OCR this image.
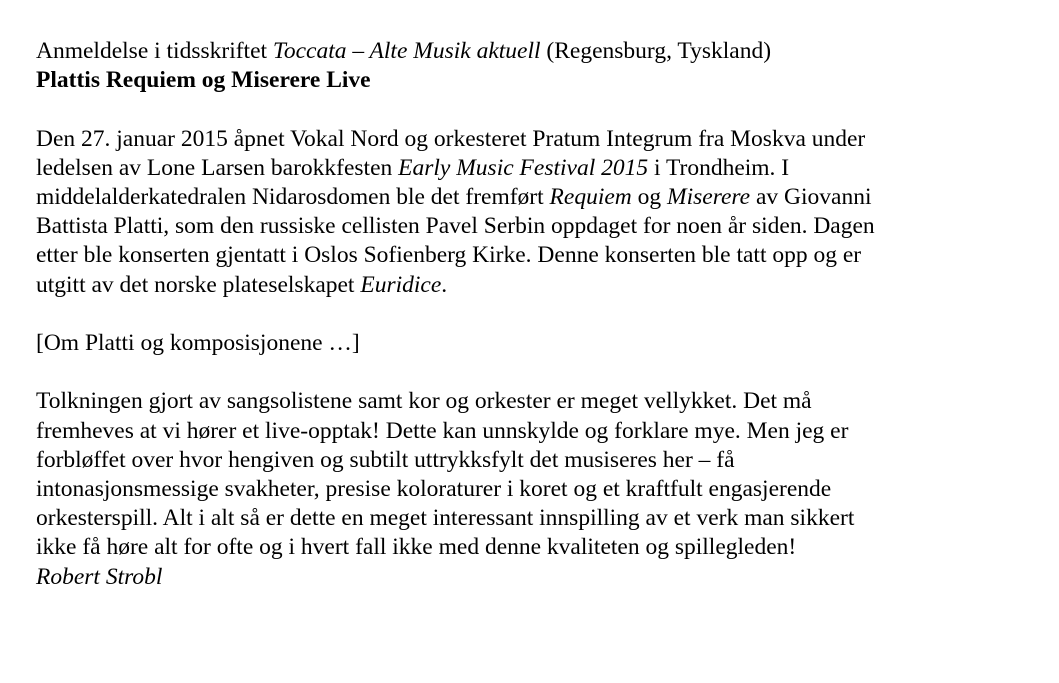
Anmeldelse i tidsskriftet Toccata – Alte Musik aktuell (Regensburg, Tyskland)
Plattis Requiem og Miserere Live
Den 27. januar 2015 åpnet Vokal Nord og orkesteret Pratum Integrum fra Moskva under
ledelsen av Lone Larsen barokkfesten Early Music Festival 2015 i Trondheim. I
middelalderkatedralen Nidarosdomen ble det fremført Requiem og Miserere av Giovanni
Battista Platti, som den russiske cellisten Pavel Serbin oppdaget for noen år siden. Dagen
etter ble konserten gjentatt i Oslos Sofienberg Kirke. Denne konserten ble tatt opp og er
utgitt av det norske plateselskapet Euridice.
[Om Platti og komposisjonene …]
Tolkningen gjort av sangsolistene samt kor og orkester er meget vellykket. Det må
fremheves at vi hører et live-opptak! Dette kan unnskylde og forklare mye. Men jeg er
forbløffet over hvor hengiven og subtilt uttrykksfylt det musiseres her – få
intonasjonsmessige svakheter, presise koloraturer i koret og et kraftfult engasjerende
orkesterspill. Alt i alt så er dette en meget interessant innspilling av et verk man sikkert
ikke få høre alt for ofte og i hvert fall ikke med denne kvaliteten og spillegleden!
Robert Strobl
